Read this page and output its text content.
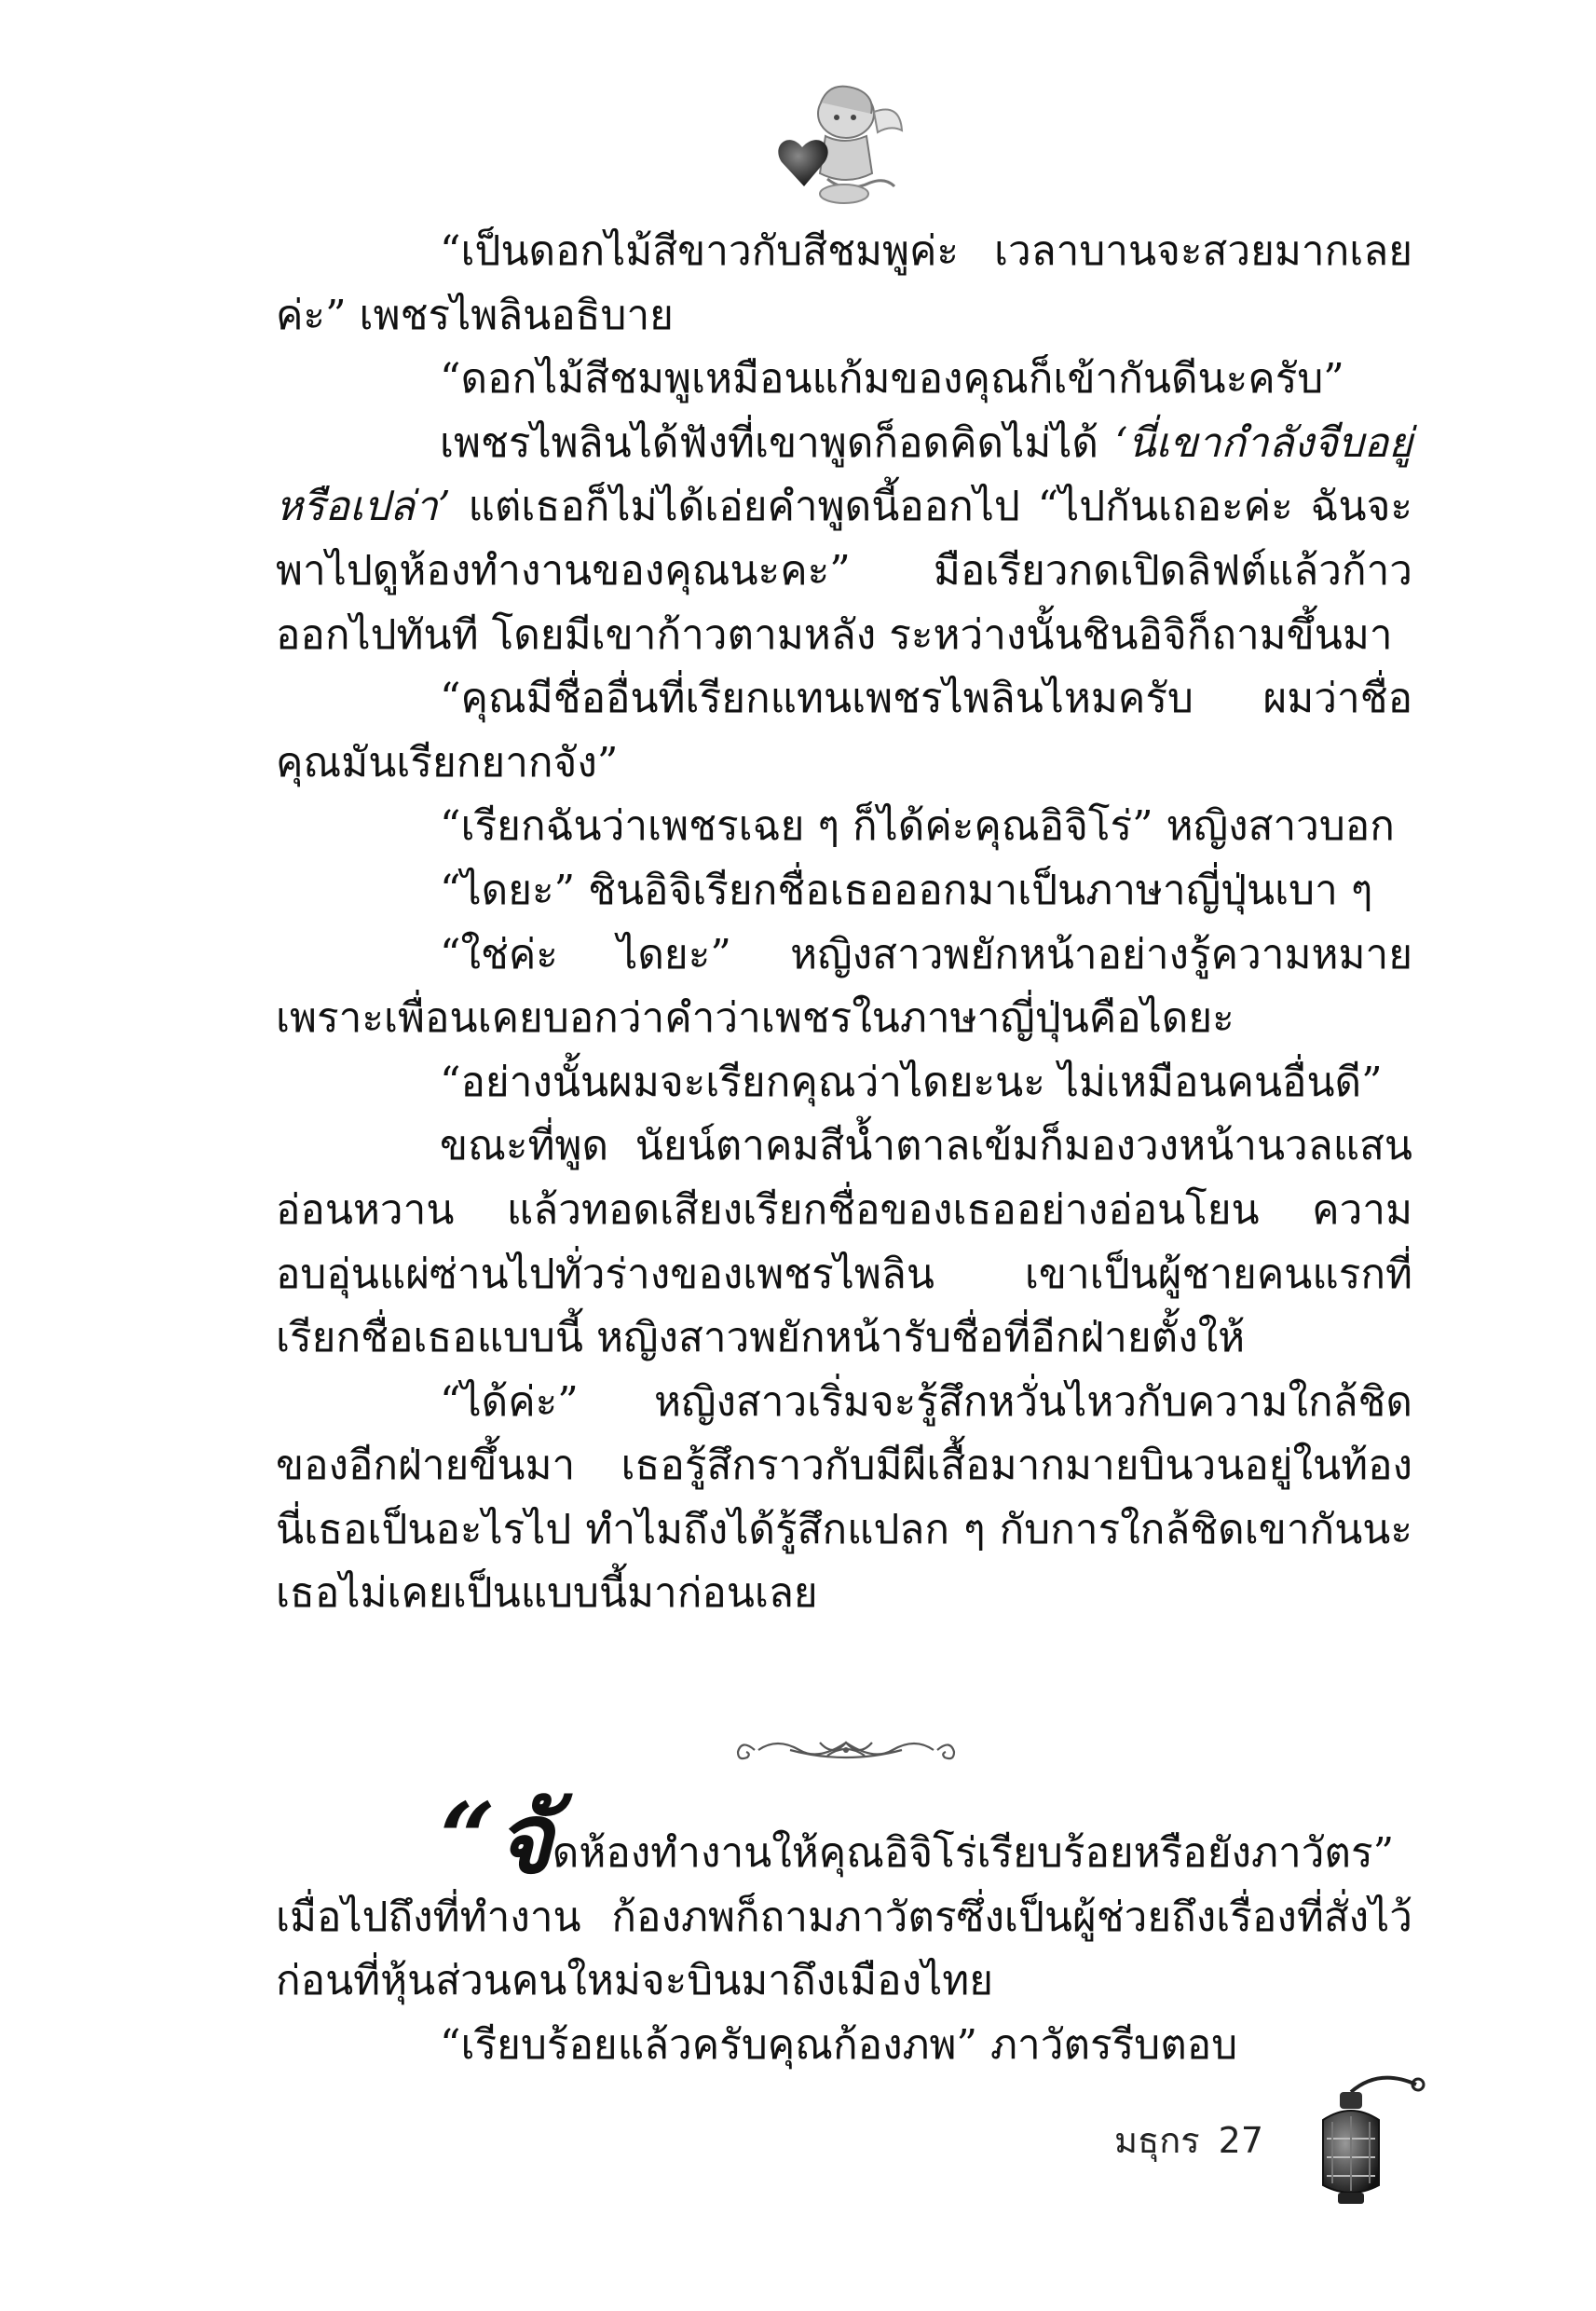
“เป็นดอกไม้สีขาวกับสีชมพูค่ะ เวลาบานจะสวยมากเลยค่ะ” เพชรไพลินอธิบาย

“ดอกไม้สีชมพูเหมือนแก้มของคุณก็เข้ากันดีนะครับ”

เพชรไพลินได้ฟังที่เขาพูดก็อดคิดไม่ได้ ‘นี่เขากำลังจีบอยู่หรือเปล่า’ แต่เธอก็ไม่ได้เอ่ยคำพูดนี้ออกไป “ไปกันเถอะค่ะ ฉันจะพาไปดูห้องทำงานของคุณนะคะ” มือเรียวกดเปิดลิฟต์แล้วก้าวออกไปทันที โดยมีเขาก้าวตามหลัง ระหว่างนั้นชินอิจิก็ถามขึ้นมา

“คุณมีชื่ออื่นที่เรียกแทนเพชรไพลินไหมครับ ผมว่าชื่อคุณมันเรียกยากจัง”

“เรียกฉันว่าเพชรเฉย ๆ ก็ได้ค่ะคุณอิจิโร่” หญิงสาวบอก

“ไดยะ” ชินอิจิเรียกชื่อเธอออกมาเป็นภาษาญี่ปุ่นเบา ๆ

“ใช่ค่ะ ไดยะ” หญิงสาวพยักหน้าอย่างรู้ความหมาย เพราะเพื่อนเคยบอกว่าคำว่าเพชรในภาษาญี่ปุ่นคือไดยะ

“อย่างนั้นผมจะเรียกคุณว่าไดยะนะ ไม่เหมือนคนอื่นดี”

ขณะที่พูด นัยน์ตาคมสีน้ำตาลเข้มก็มองวงหน้านวลแสนอ่อนหวาน แล้วทอดเสียงเรียกชื่อของเธออย่างอ่อนโยน ความอบอุ่นแผ่ซ่านไปทั่วร่างของเพชรไพลิน เขาเป็นผู้ชายคนแรกที่เรียกชื่อเธอแบบนี้ หญิงสาวพยักหน้ารับชื่อที่อีกฝ่ายตั้งให้

“ได้ค่ะ” หญิงสาวเริ่มจะรู้สึกหวั่นไหวกับความใกล้ชิดของอีกฝ่ายขึ้นมา เธอรู้สึกราวกับมีผีเสื้อมากมายบินวนอยู่ในท้อง นี่เธอเป็นอะไรไป ทำไมถึงได้รู้สึกแปลก ๆ กับการใกล้ชิดเขากันนะ เธอไม่เคยเป็นแบบนี้มาก่อนเลย

“จัดห้องทำงานให้คุณอิจิโร่เรียบร้อยหรือยังภาวัตร” เมื่อไปถึงที่ทำงาน ก้องภพก็ถามภาวัตรซึ่งเป็นผู้ช่วยถึงเรื่องที่สั่งไว้ก่อนที่หุ้นส่วนคนใหม่จะบินมาถึงเมืองไทย

“เรียบร้อยแล้วครับคุณก้องภพ” ภาวัตรรีบตอบ

มธุกร 27
